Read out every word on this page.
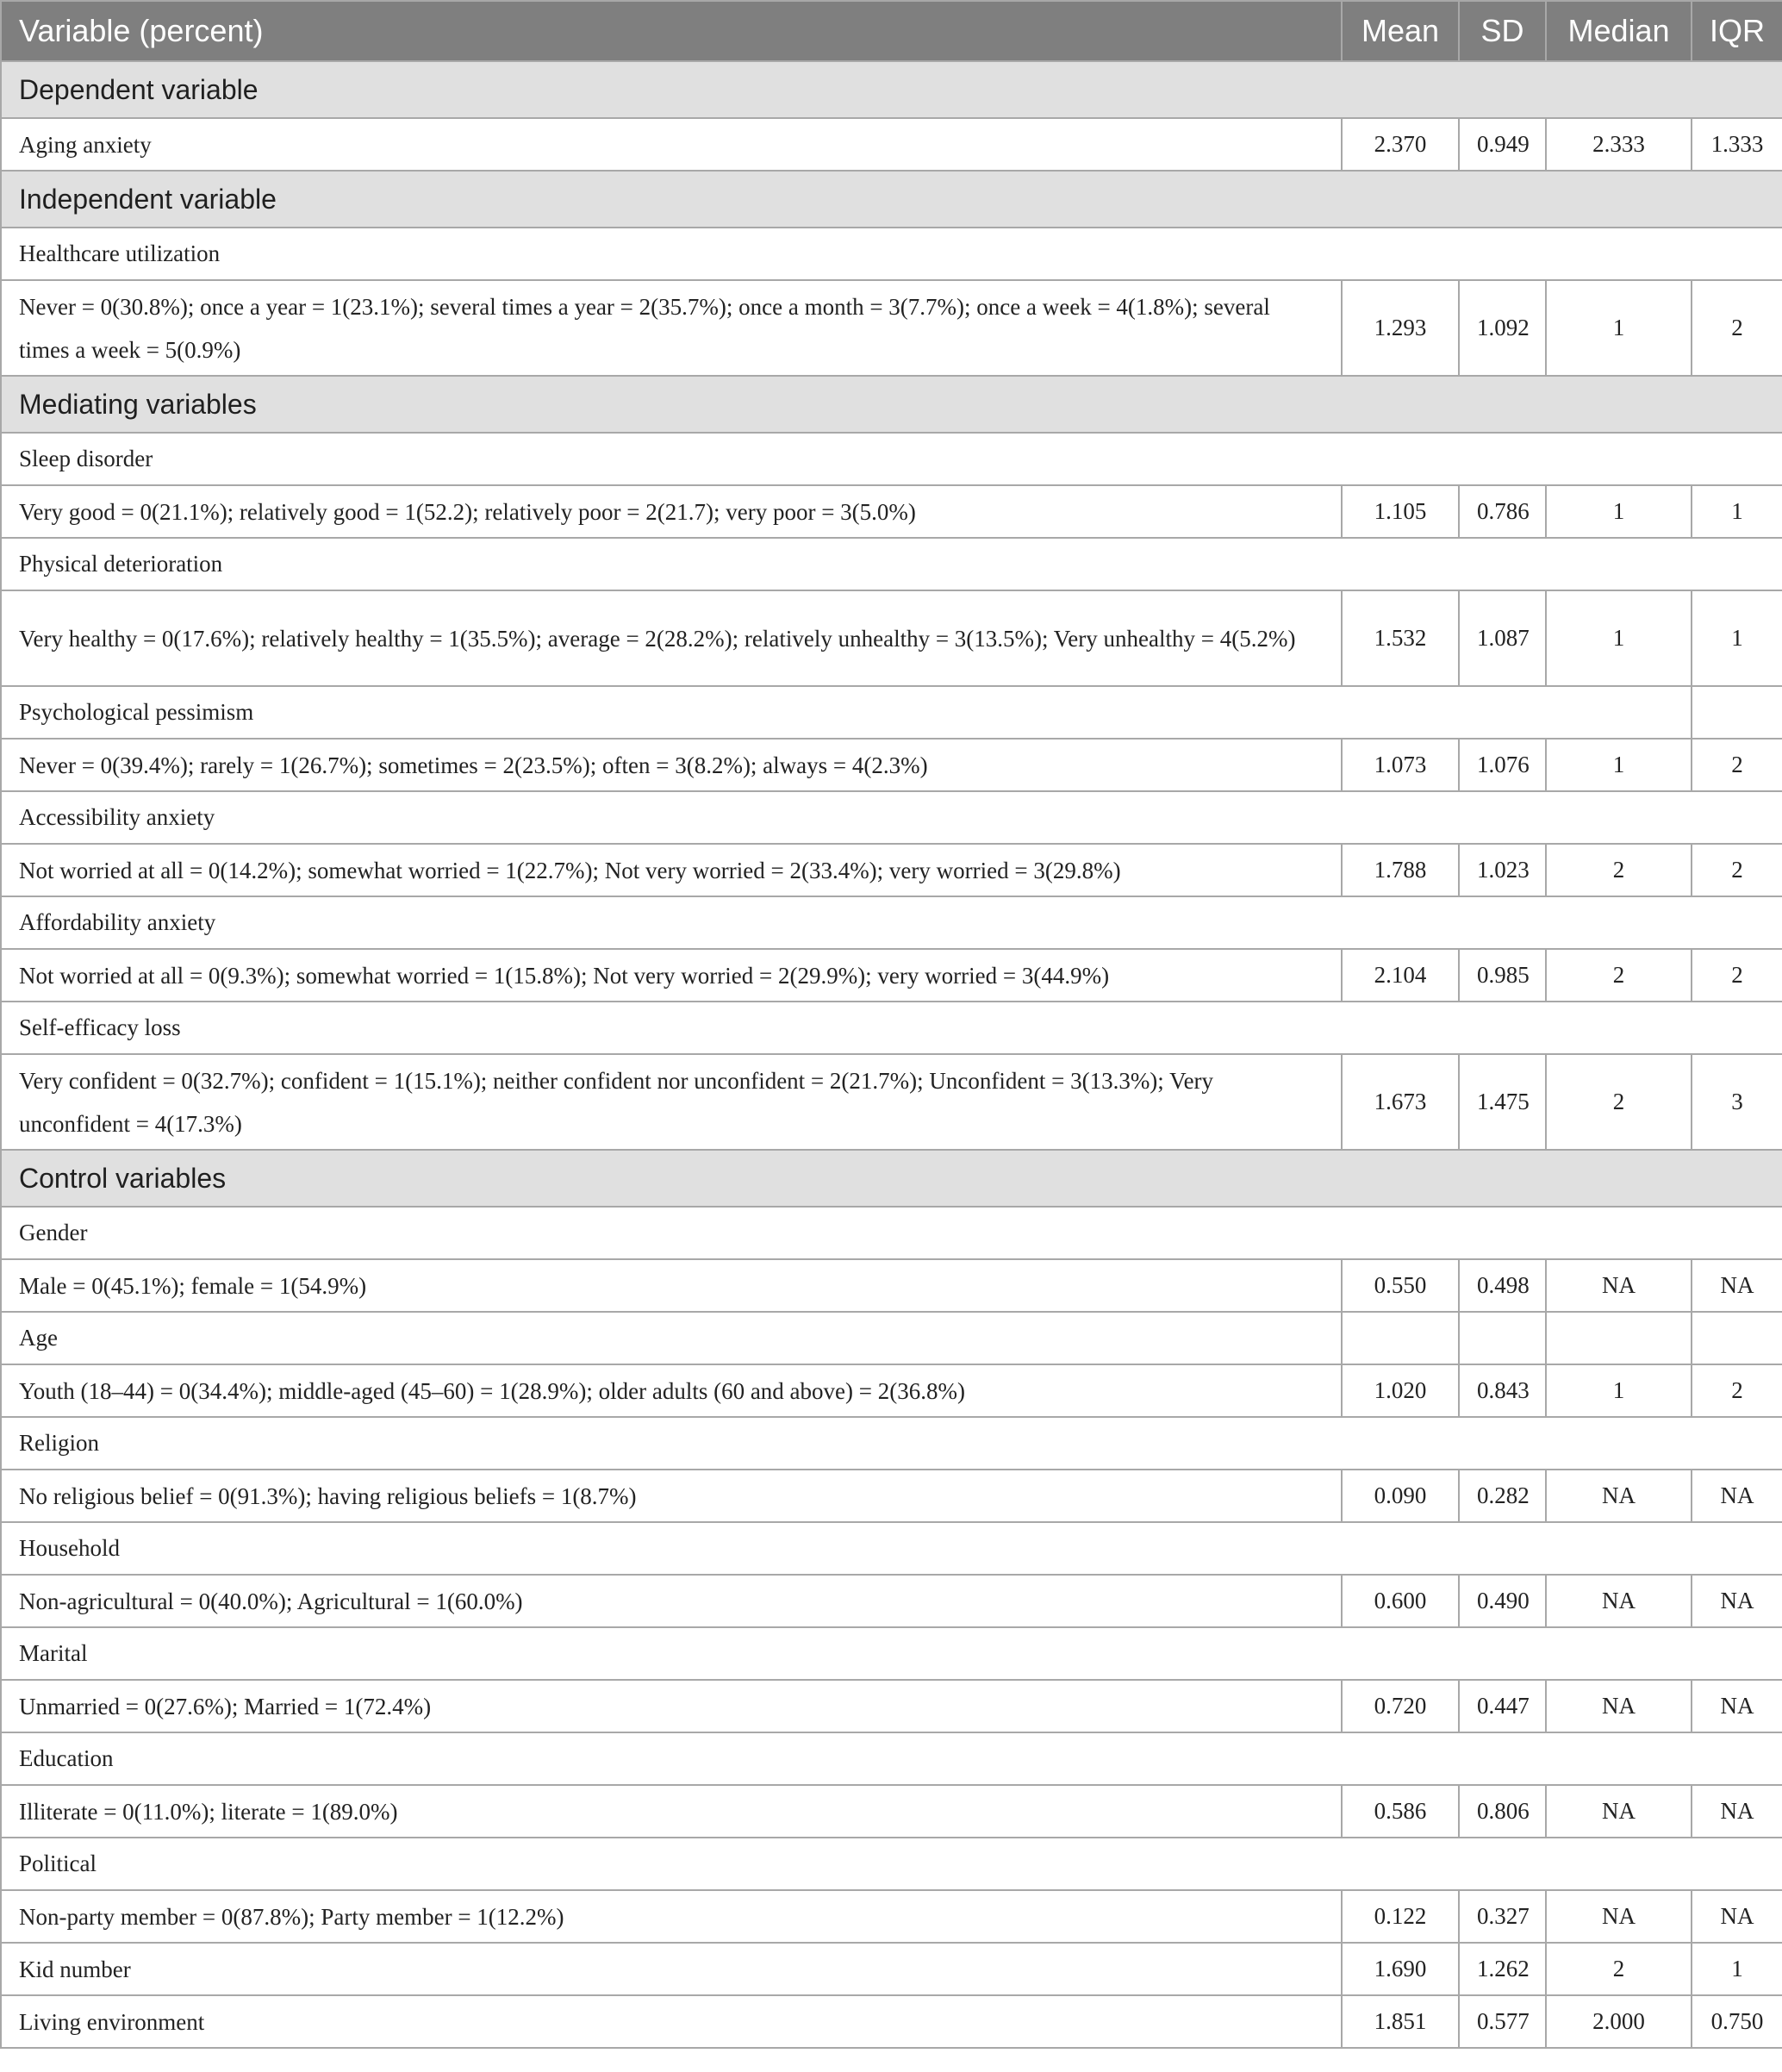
Variable (percent)	Mean	SD	Median	IQR
Dependent variable				
Aging anxiety	2.370	0.949	2.333	1.333
Independent variable				
Healthcare utilization				
Never = 0(30.8%); once a year = 1(23.1%); several times a year = 2(35.7%); once a month = 3(7.7%); once a week = 4(1.8%); several times a week = 5(0.9%)	1.293	1.092	1	2
Mediating variables				
Sleep disorder				
Very good = 0(21.1%); relatively good = 1(52.2); relatively poor = 2(21.7); very poor = 3(5.0%)	1.105	0.786	1	1
Physical deterioration				
Very healthy = 0(17.6%); relatively healthy = 1(35.5%); average = 2(28.2%); relatively unhealthy = 3(13.5%); Very unhealthy = 4(5.2%)	1.532	1.087	1	1
Psychological pessimism				
Never = 0(39.4%); rarely = 1(26.7%); sometimes = 2(23.5%); often = 3(8.2%); always = 4(2.3%)	1.073	1.076	1	2
Accessibility anxiety				
Not worried at all = 0(14.2%); somewhat worried = 1(22.7%); Not very worried = 2(33.4%); very worried = 3(29.8%)	1.788	1.023	2	2
Affordability anxiety				
Not worried at all = 0(9.3%); somewhat worried = 1(15.8%); Not very worried = 2(29.9%); very worried = 3(44.9%)	2.104	0.985	2	2
Self-efficacy loss				
Very confident = 0(32.7%); confident = 1(15.1%); neither confident nor unconfident = 2(21.7%); Unconfident = 3(13.3%); Very unconfident = 4(17.3%)	1.673	1.475	2	3
Control variables				
Gender				
Male = 0(45.1%); female = 1(54.9%)	0.550	0.498	NA	NA
Age				
Youth (18–44) = 0(34.4%); middle-aged (45–60) = 1(28.9%); older adults (60 and above) = 2(36.8%)	1.020	0.843	1	2
Religion				
No religious belief = 0(91.3%); having religious beliefs = 1(8.7%)	0.090	0.282	NA	NA
Household				
Non-agricultural = 0(40.0%); Agricultural = 1(60.0%)	0.600	0.490	NA	NA
Marital				
Unmarried = 0(27.6%); Married = 1(72.4%)	0.720	0.447	NA	NA
Education				
Illiterate = 0(11.0%); literate = 1(89.0%)	0.586	0.806	NA	NA
Political				
Non-party member = 0(87.8%); Party member = 1(12.2%)	0.122	0.327	NA	NA
Kid number	1.690	1.262	2	1
Living environment	1.851	0.577	2.000	0.750
